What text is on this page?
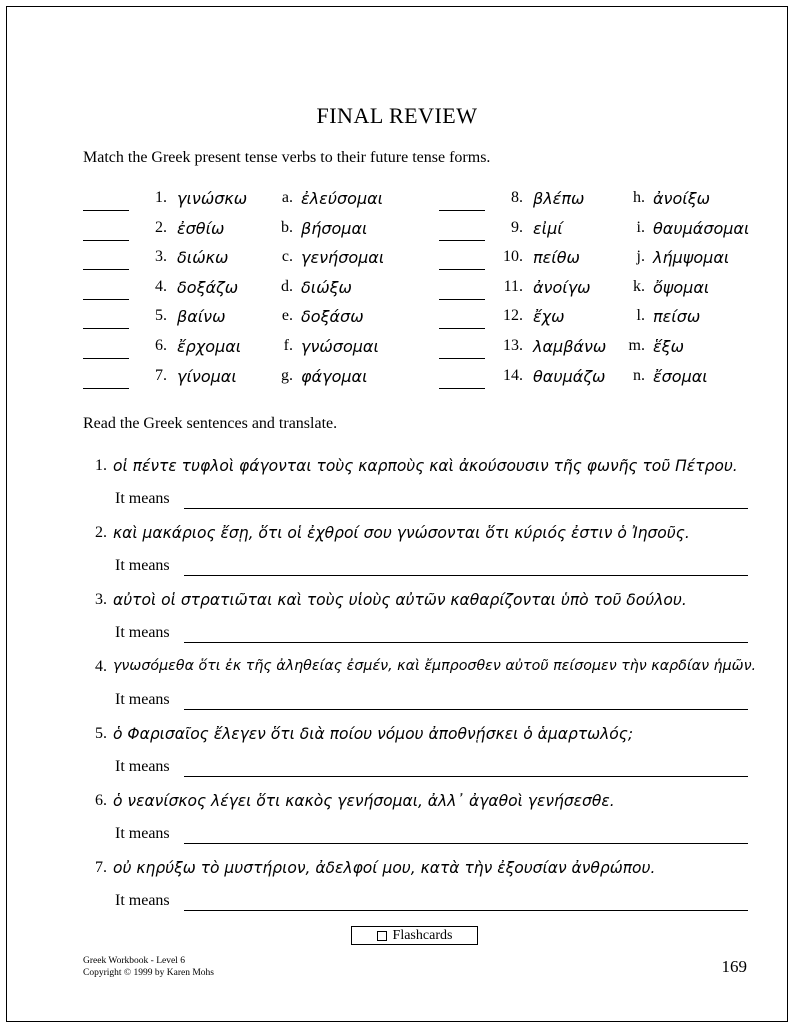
FINAL REVIEW
Match the Greek present tense verbs to their future tense forms.
1. γινώσκω	a. ἐλεύσομαι
2. ἐσθίω	b. βήσομαι
3. διώκω	c. γενήσομαι
4. δοξάζω	d. διώξω
5. βαίνω	e. δοξάσω
6. ἔρχομαι	f. γνώσομαι
7. γίνομαι	g. φάγομαι
8. βλέπω	h. ἀνοίξω
9. εἰμί	i. θαυμάσομαι
10. πείθω	j. λήμψομαι
11. ἀνοίγω	k. ὄψομαι
12. ἔχω	l. πείσω
13. λαμβάνω	m. ἕξω
14. θαυμάζω	n. ἔσομαι
Read the Greek sentences and translate.
1. οἱ πέντε τυφλοὶ φάγονται τοὺς καρποὺς καὶ ἀκούσουσιν τῆς φωνῆς τοῦ Πέτρου.
It means
2. καὶ μακάριος ἔσῃ, ὅτι οἱ ἐχθροί σου γνώσονται ὅτι κύριός ἐστιν ὁ Ἰησοῦς.
It means
3. αὐτοὶ οἱ στρατιῶται καὶ τοὺς υἱοὺς αὐτῶν καθαρίζονται ὑπὸ τοῦ δούλου.
It means
4. γνωσόμεθα ὅτι ἐκ τῆς ἀληθείας ἐσμέν, καὶ ἔμπροσθεν αὐτοῦ πείσομεν τὴν καρδίαν ἡμῶν.
It means
5. ὁ Φαρισαῖος ἔλεγεν ὅτι διὰ ποίου νόμου ἀποθνῄσκει ὁ ἁμαρτωλός;
It means
6. ὁ νεανίσκος λέγει ὅτι κακὸς γενήσομαι, ἀλλ᾽ ἀγαθοὶ γενήσεσθε.
It means
7. οὐ κηρύξω τὸ μυστήριον, ἀδελφοί μου, κατὰ τὴν ἐξουσίαν ἀνθρώπου.
It means
Flashcards
Greek Workbook - Level 6
Copyright © 1999 by Karen Mohs	169
